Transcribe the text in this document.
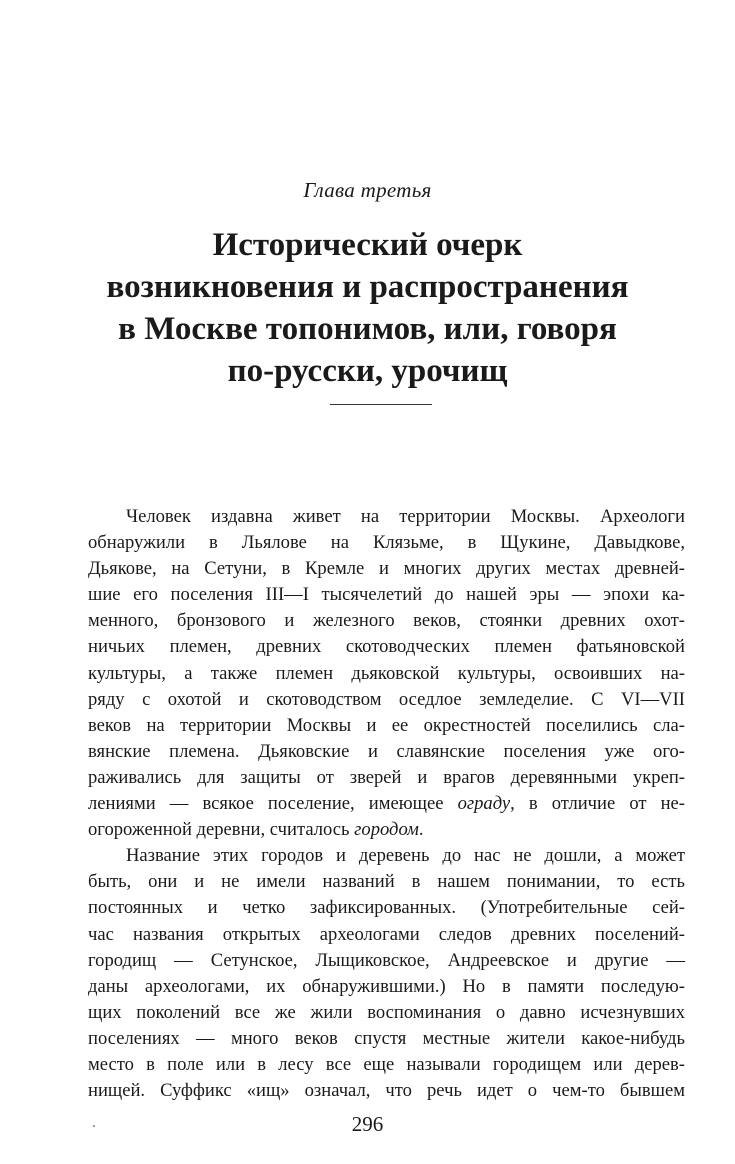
Глава третья
Исторический очерк
возникновения и распространения
в Москве топонимов, или, говоря
по-русски, урочищ
Человек издавна живет на территории Москвы. Археологи
обнаружили в Льялове на Клязьме, в Щукине, Давыдкове,
Дьякове, на Сетуни, в Кремле и многих других местах древней-
шие его поселения III—I тысячелетий до нашей эры — эпохи ка-
менного, бронзового и железного веков, стоянки древних охот-
ничьих племен, древних скотоводческих племен фатьяновской
культуры, а также племен дьяковской культуры, освоивших на-
ряду с охотой и скотоводством оседлое земледелие. С VI—VII
веков на территории Москвы и ее окрестностей поселились сла-
вянские племена. Дьяковские и славянские поселения уже ого-
раживались для защиты от зверей и врагов деревянными укреп-
лениями — всякое поселение, имеющее ограду, в отличие от не-
огороженной деревни, считалось городом.
Название этих городов и деревень до нас не дошли, а может
быть, они и не имели названий в нашем понимании, то есть
постоянных и четко зафиксированных. (Употребительные сей-
час названия открытых археологами следов древних поселений-
городищ — Сетунское, Лыщиковское, Андреевское и другие —
даны археологами, их обнаружившими.) Но в памяти последую-
щих поколений все же жили воспоминания о давно исчезнувших
поселениях — много веков спустя местные жители какое-нибудь
место в поле или в лесу все еще называли городищем или дерев-
нищей. Суффикс «ищ» означал, что речь идет о чем-то бывшем
296
